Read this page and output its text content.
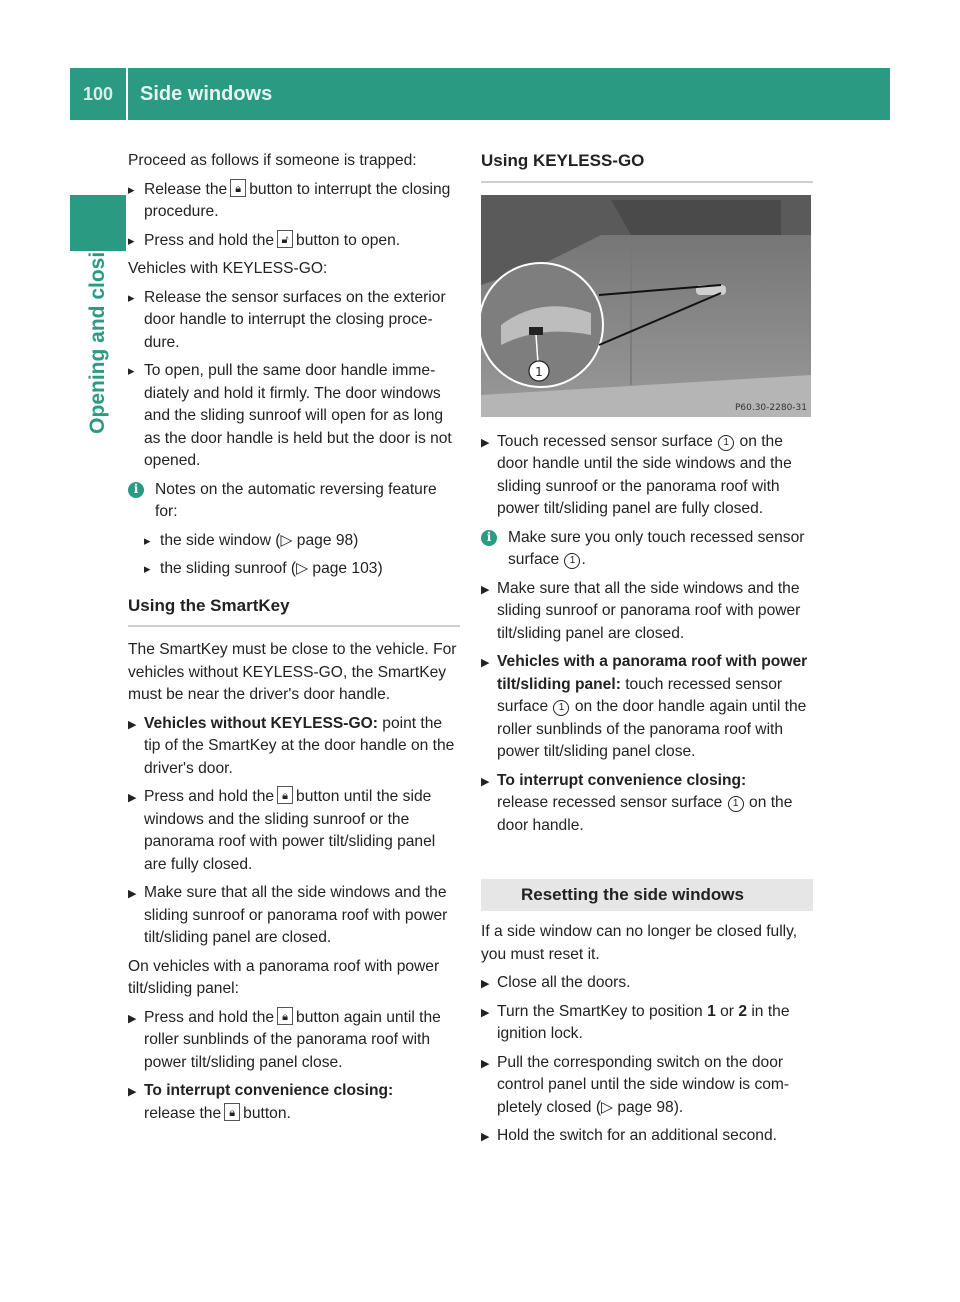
100	Side windows
Opening and closing

Proceed as follows if someone is trapped:

▸ Release the 🔒︎ button to interrupt the closing procedure.
▸ Press and hold the 🔓︎ button to open.

Vehicles with KEYLESS-GO:

▸ Release the sensor surfaces on the exterior door handle to interrupt the closing procedure.
▸ To open, pull the same door handle immediately and hold it firmly. The door windows and the sliding sunroof will open for as long as the door handle is held but the door is not opened.
i	Notes on the automatic reversing feature for:
▸ the side window (▷ page 98)
▸ the sliding sunroof (▷ page 103)
Using the SmartKey

The SmartKey must be close to the vehicle. For vehicles without KEYLESS-GO, the SmartKey must be near the driver's door handle.

▶ Vehicles without KEYLESS-GO: point the tip of the SmartKey at the door handle on the driver's door.
▶ Press and hold the 🔒︎ button until the side windows and the sliding sunroof or the panorama roof with power tilt/sliding panel are fully closed.
▶ Make sure that all the side windows and the sliding sunroof or panorama roof with power tilt/sliding panel are closed.

On vehicles with a panorama roof with power tilt/sliding panel:

▶ Press and hold the 🔒︎ button again until the roller sunblinds of the panorama roof with power tilt/sliding panel close.
▶ To interrupt convenience closing:
release the 🔒︎ button.
Using KEYLESS-GO
1
P60.30-2280-31
▶ Touch recessed sensor surface 1 on the door handle until the side windows and the sliding sunroof or the panorama roof with power tilt/sliding panel are fully closed.
i	Make sure you only touch recessed sensor surface 1 .
▶ Make sure that all the side windows and the sliding sunroof or panorama roof with power tilt/sliding panel are closed.
▶ Vehicles with a panorama roof with power tilt/sliding panel: touch recessed sensor surface 1 on the door handle again until the roller sunblinds of the panorama roof with power tilt/sliding panel close.
▶ To interrupt convenience closing:
release recessed sensor surface 1 on the door handle.
Resetting the side windows

If a side window can no longer be closed fully, you must reset it.

▶ Close all the doors.
▶ Turn the SmartKey to position 1 or 2 in the ignition lock.
▶ Pull the corresponding switch on the door control panel until the side window is completely closed (▷ page 98).
▶ Hold the switch for an additional second.
